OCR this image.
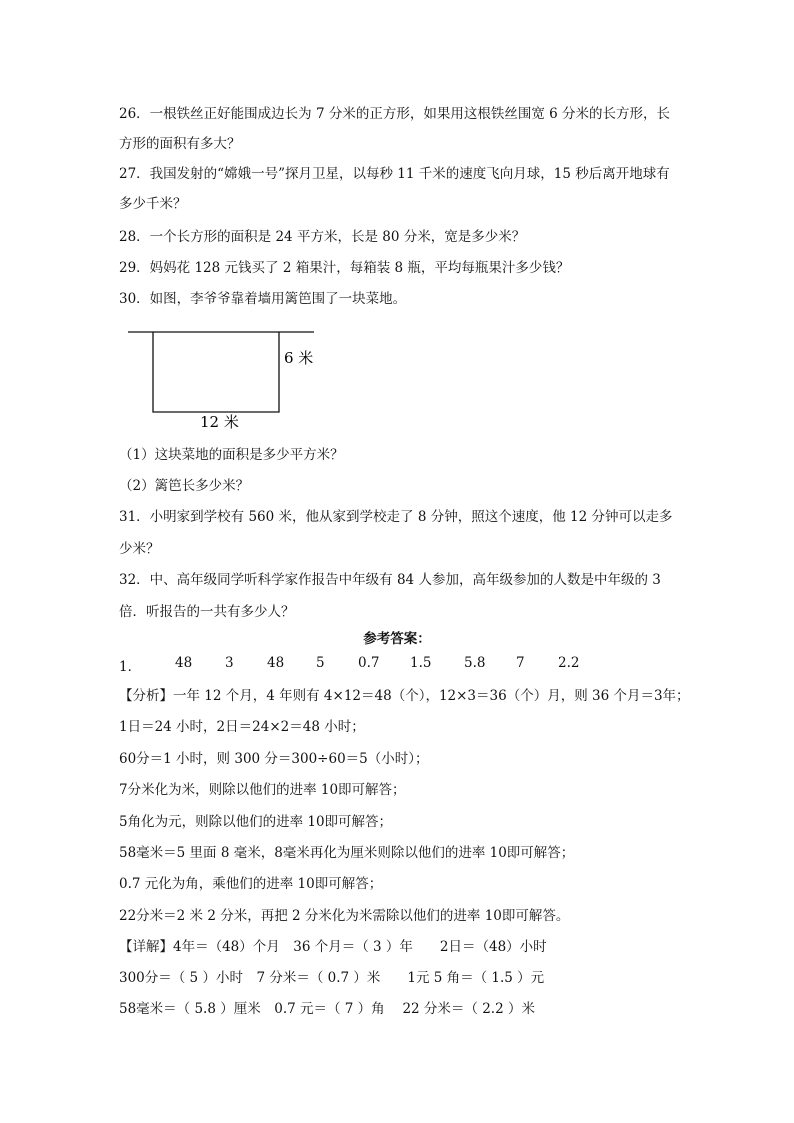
26．一根铁丝正好能围成边长为 7 分米的正方形，如果用这根铁丝围宽 6 分米的长方形，长

方形的面积有多大？

27．我国发射的“嫦娥一号”探月卫星，以每秒 11 千米的速度飞向月球，15 秒后离开地球有

多少千米？

28．一个长方形的面积是 24 平方米，长是 80 分米，宽是多少米？

29．妈妈花 128 元钱买了 2 箱果汁，每箱装 8 瓶，平均每瓶果汁多少钱？

30．如图，李爷爷靠着墙用篱笆围了一块菜地。

6 米
12 米

（1）这块菜地的面积是多少平方米？

（2）篱笆长多少米？

31．小明家到学校有 560 米，他从家到学校走了 8 分钟，照这个速度，他 12 分钟可以走多

少米？

32．中、高年级同学听科学家作报告中年级有 84 人参加，高年级参加的人数是中年级的 3

倍．听报告的一共有多少人？

参考答案：
1．	48 3 48 5 0.7 1.5 5.8 7 2.2

【分析】一年 12 个月，4 年则有 4×12＝48（个），12×3＝36（个）月，则 36 个月＝3年；

1日＝24 小时，2日＝24×2＝48 小时；

60分＝1 小时，则 300 分＝300÷60＝5（小时）；

7分米化为米，则除以他们的进率 10即可解答；

5角化为元，则除以他们的进率 10即可解答；

58毫米＝5 里面 8 毫米，8毫米再化为厘米则除以他们的进率 10即可解答；

0.7 元化为角，乘他们的进率 10即可解答；

22分米＝2 米 2 分米，再把 2 分米化为米需除以他们的进率 10即可解答。

【详解】4年＝（48）个月　36 个月＝（ 3 ）年　　2日＝（48）小时

300分＝（ 5 ）小时　7 分米＝（ 0.7 ）米　　1元 5 角＝（ 1.5 ）元

58毫米＝（ 5.8 ）厘米　0.7 元＝（ 7 ）角　 22 分米＝（ 2.2 ）米
